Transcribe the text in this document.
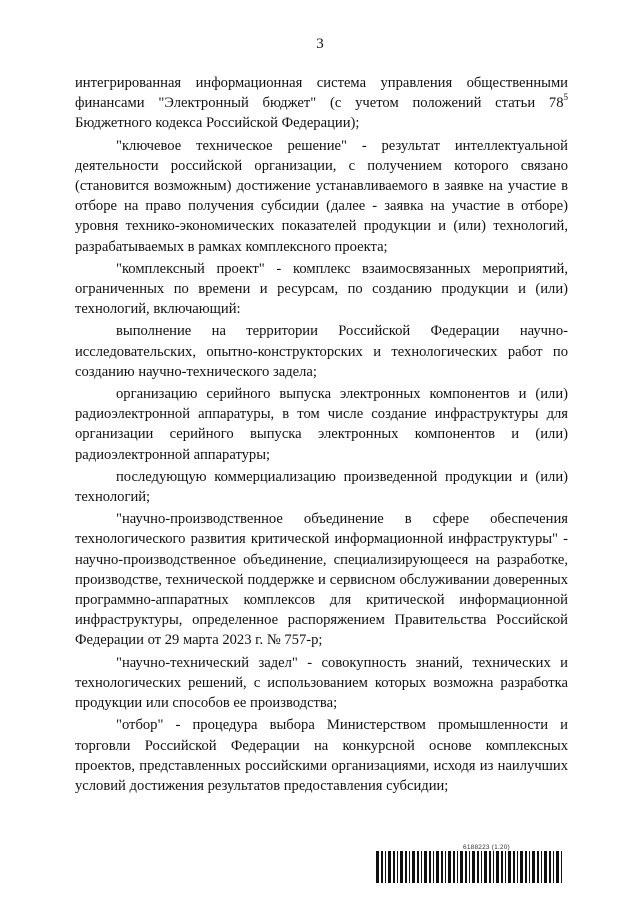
3

интегрированная информационная система управления общественными финансами "Электронный бюджет" (с учетом положений статьи $78^5$ Бюджетного кодекса Российской Федерации);

"ключевое техническое решение" - результат интеллектуальной деятельности российской организации, с получением которого связано (становится возможным) достижение устанавливаемого в заявке на участие в отборе на право получения субсидии (далее - заявка на участие в отборе) уровня технико-экономических показателей продукции и (или) технологий, разрабатываемых в рамках комплексного проекта;

"комплексный проект" - комплекс взаимосвязанных мероприятий, ограниченных по времени и ресурсам, по созданию продукции и (или) технологий, включающий:

выполнение на территории Российской Федерации научно-исследовательских, опытно-конструкторских и технологических работ по созданию научно-технического задела;

организацию серийного выпуска электронных компонентов и (или) радиоэлектронной аппаратуры, в том числе создание инфраструктуры для организации серийного выпуска электронных компонентов и (или) радиоэлектронной аппаратуры;

последующую коммерциализацию произведенной продукции и (или) технологий;

"научно-производственное объединение в сфере обеспечения технологического развития критической информационной инфраструктуры" - научно-производственное объединение, специализирующееся на разработке, производстве, технической поддержке и сервисном обслуживании доверенных программно-аппаратных комплексов для критической информационной инфраструктуры, определенное распоряжением Правительства Российской Федерации от 29 марта 2023 г. № 757-р;

"научно-технический задел" - совокупность знаний, технических и технологических решений, с использованием которых возможна разработка продукции или способов ее производства;

"отбор" - процедура выбора Министерством промышленности и торговли Российской Федерации на конкурсной основе комплексных проектов, представленных российскими организациями, исходя из наилучших условий достижения результатов предоставления субсидии;

6188223 (1.20)
